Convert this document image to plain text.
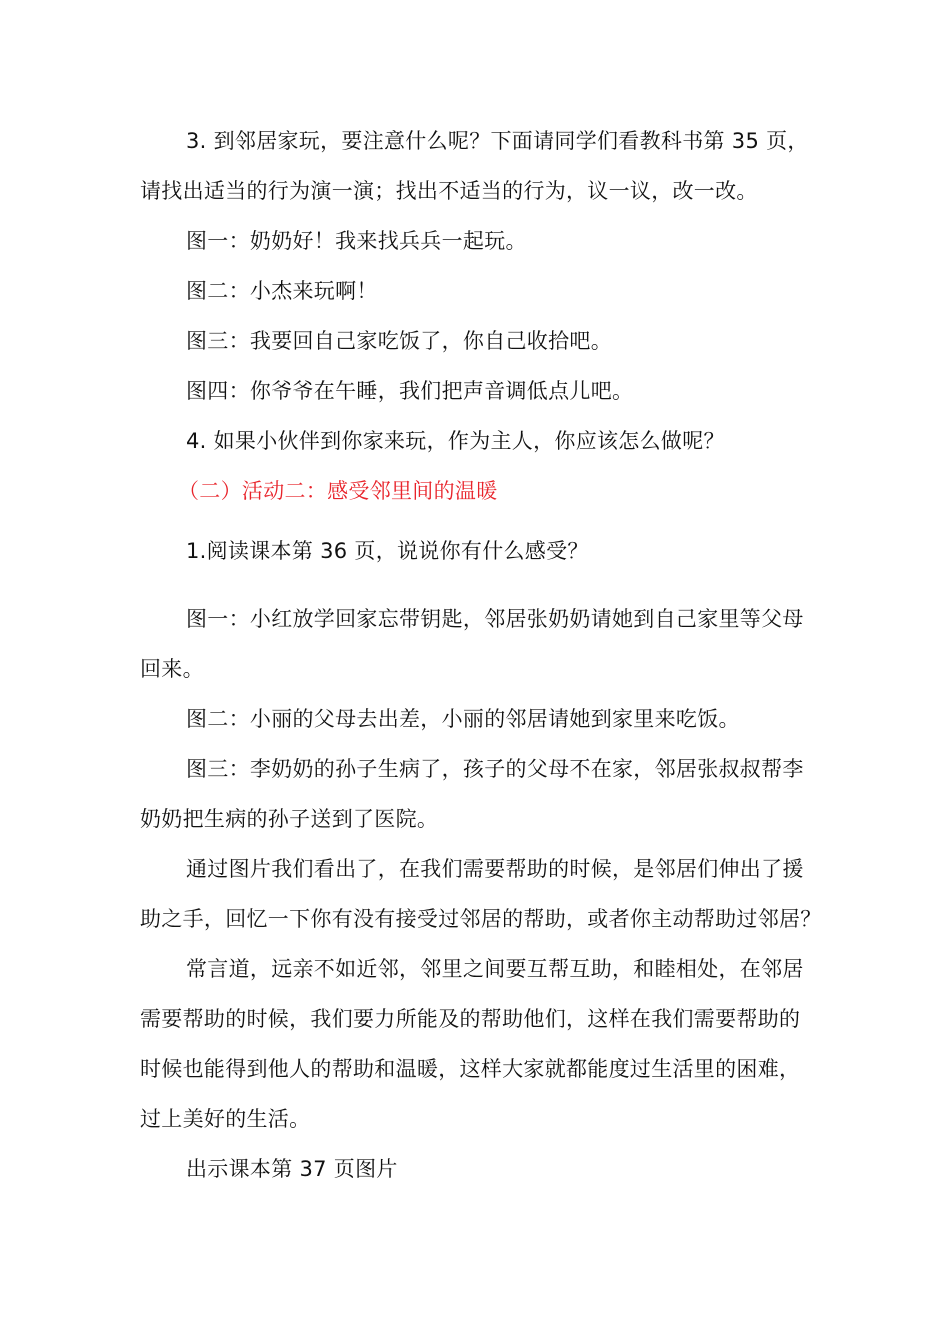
3. 到邻居家玩，要注意什么呢？下面请同学们看教科书第 35 页，
请找出适当的行为演一演；找出不适当的行为，议一议，改一改。
图一：奶奶好！我来找兵兵一起玩。
图二：小杰来玩啊！
图三：我要回自己家吃饭了，你自己收拾吧。
图四：你爷爷在午睡，我们把声音调低点儿吧。
4. 如果小伙伴到你家来玩，作为主人，你应该怎么做呢？
（二）活动二：感受邻里间的温暖
1.阅读课本第 36 页，说说你有什么感受？
图一：小红放学回家忘带钥匙，邻居张奶奶请她到自己家里等父母
回来。
图二：小丽的父母去出差，小丽的邻居请她到家里来吃饭。
图三：李奶奶的孙子生病了，孩子的父母不在家，邻居张叔叔帮李
奶奶把生病的孙子送到了医院。
通过图片我们看出了，在我们需要帮助的时候，是邻居们伸出了援
助之手，回忆一下你有没有接受过邻居的帮助，或者你主动帮助过邻居？
常言道，远亲不如近邻，邻里之间要互帮互助，和睦相处，在邻居
需要帮助的时候，我们要力所能及的帮助他们，这样在我们需要帮助的
时候也能得到他人的帮助和温暖，这样大家就都能度过生活里的困难，
过上美好的生活。
出示课本第 37 页图片
